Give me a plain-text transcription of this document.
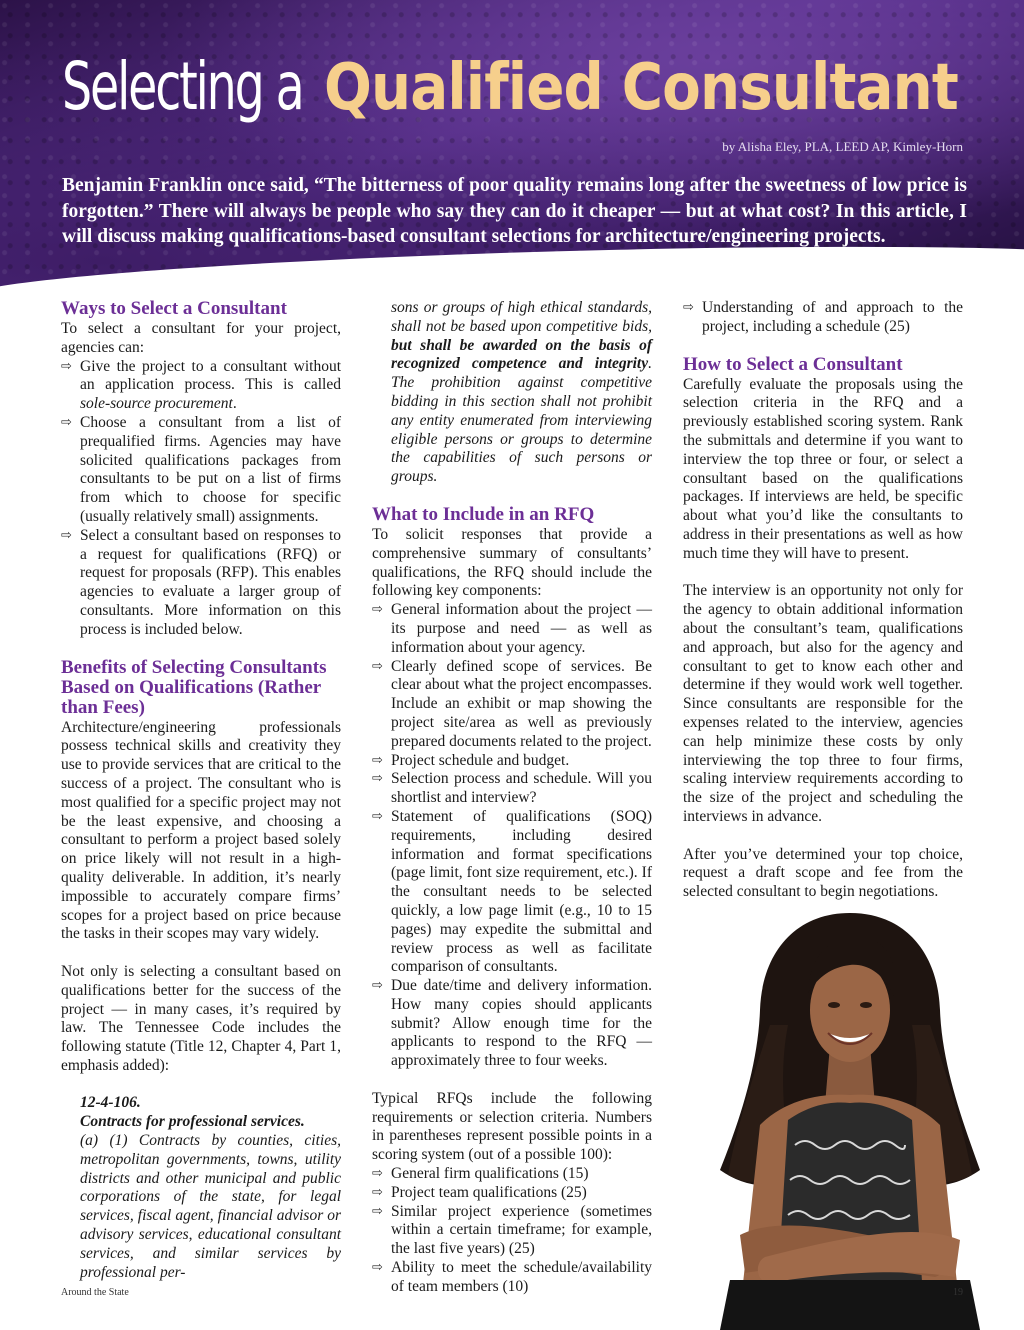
Selecting a Qualified Consultant
by Alisha Eley, PLA, LEED AP, Kimley-Horn

Benjamin Franklin once said, “The bitterness of poor quality remains long after the sweetness of low price is forgotten.” There will always be people who say they can do it cheaper — but at what cost? In this article, I will discuss making qualifications-based consultant selections for architecture/engineering projects.

Ways to Select a Consultant

To select a consultant for your project, agencies can:

⇨ Give the project to a consultant without an application process. This is called sole-source procurement.
⇨ Choose a consultant from a list of prequalified firms. Agencies may have solicited qualifications packages from consultants to be put on a list of firms from which to choose for specific (usually relatively small) assignments.
⇨ Select a consultant based on responses to a request for qualifications (RFQ) or request for proposals (RFP). This enables agencies to evaluate a larger group of consultants. More information on this process is included below.
Benefits of Selecting Consultants Based on Qualifications (Rather than Fees)

Architecture/engineering professionals possess technical skills and creativity they use to provide services that are critical to the success of a project. The consultant who is most qualified for a specific project may not be the least expensive, and choosing a consultant to perform a project based solely on price likely will not result in a high-quality deliverable. In addition, it’s nearly impossible to accurately compare firms’ scopes for a project based on price because the tasks in their scopes may vary widely.

Not only is selecting a consultant based on qualifications better for the success of the project — in many cases, it’s required by law. The Tennessee Code includes the following statute (Title 12, Chapter 4, Part 1, emphasis added):

12-4-106.

Contracts for professional services.

(a) (1) Contracts by counties, cities, metropolitan governments, towns, utility districts and other municipal and public corporations of the state, for legal services, fiscal agent, financial advisor or advisory services, educational consultant services, and similar services by professional per-

sons or groups of high ethical standards, shall not be based upon competitive bids, but shall be awarded on the basis of recognized competence and integrity. The prohibition against competitive bidding in this section shall not prohibit any entity enumerated from interviewing eligible persons or groups to determine the capabilities of such persons or groups.

What to Include in an RFQ

To solicit responses that provide a comprehensive summary of consultants’ qualifications, the RFQ should include the following key components:

⇨ General information about the project — its purpose and need — as well as information about your agency.
⇨ Clearly defined scope of services. Be clear about what the project encompasses. Include an exhibit or map showing the project site/area as well as previously prepared documents related to the project.
⇨ Project schedule and budget.
⇨ Selection process and schedule. Will you shortlist and interview?
⇨ Statement of qualifications (SOQ) requirements, including desired information and format specifications (page limit, font size requirement, etc.). If the consultant needs to be selected quickly, a low page limit (e.g., 10 to 15 pages) may expedite the submittal and review process as well as facilitate comparison of consultants.
⇨ Due date/time and delivery information. How many copies should applicants submit? Allow enough time for the applicants to respond to the RFQ — approximately three to four weeks.

Typical RFQs include the following requirements or selection criteria. Numbers in parentheses represent possible points in a scoring system (out of a possible 100):

⇨ General firm qualifications (15)
⇨ Project team qualifications (25)
⇨ Similar project experience (sometimes within a certain timeframe; for example, the last five years) (25)
⇨ Ability to meet the schedule/availability of team members (10)
⇨ Understanding of and approach to the project, including a schedule (25)
How to Select a Consultant

Carefully evaluate the proposals using the selection criteria in the RFQ and a previously established scoring system. Rank the submittals and determine if you want to interview the top three or four, or select a consultant based on the qualifications packages. If interviews are held, be specific about what you’d like the consultants to address in their presentations as well as how much time they will have to present.

The interview is an opportunity not only for the agency to obtain additional information about the consultant’s team, qualifications and approach, but also for the agency and consultant to get to know each other and determine if they would work well together. Since consultants are responsible for the expenses related to the interview, agencies can help minimize these costs by only interviewing the top three to four firms, scaling interview requirements according to the size of the project and scheduling the interviews in advance.

After you’ve determined your top choice, request a draft scope and fee from the selected consultant to begin negotiations.

Around the State	19
